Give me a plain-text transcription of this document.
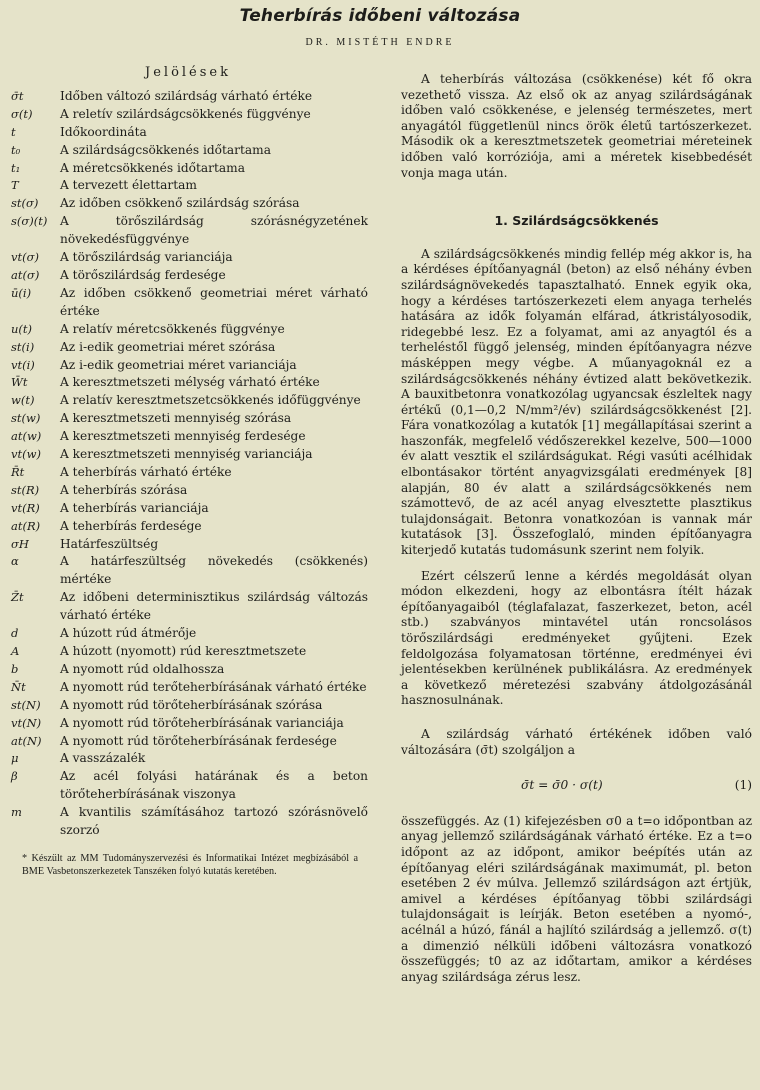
Teherbírás időbeni változása
DR. MISTÉTH ENDRE
Jelölések
σ̄t	Időben változó szilárdság várható értéke
σ(t)	A reletív szilárdságcsökkenés függvénye
t	Időkoordináta
t₀	A szilárdságcsökkenés időtartama
t₁	A méretcsökkenés időtartama
T	A tervezett élettartam
st(σ)	Az időben csökkenő szilárdság szórása
s(σ)(t)	A törőszilárdság szórásnégyzetének növekedésfüggvénye
vt(σ)	A törőszilárdság varianciája
at(σ)	A törőszilárdság ferdesége
ū(i)	Az időben csökkenő geometriai méret várható értéke
u(t)	A relatív méretcsökkenés függvénye
st(i)	Az i-edik geometriai méret szórása
vt(i)	Az i-edik geometriai méret varianciája
W̄t	A keresztmetszeti mélység várható értéke
w(t)	A relatív keresztmetszetcsökkenés időfüggvénye
st(w)	A keresztmetszeti mennyiség szórása
at(w)	A keresztmetszeti mennyiség ferdesége
vt(w)	A keresztmetszeti mennyiség varianciája
R̄t	A teherbírás várható értéke
st(R)	A teherbírás szórása
vt(R)	A teherbírás varianciája
at(R)	A teherbírás ferdesége
σH	Határfeszültség
α	A határfeszültség növekedés (csökkenés) mértéke
Z̄t	Az időbeni determinisztikus szilárdság változás várható értéke
d	A húzott rúd átmérője
A	A húzott (nyomott) rúd keresztmetszete
b	A nyomott rúd oldalhossza
N̄t	A nyomott rúd terőteherbírásának várható értéke
st(N)	A nyomott rúd törőteherbírásának szórása
vt(N)	A nyomott rúd törőteherbírásának varianciája
at(N)	A nyomott rúd törőteherbírásának ferdesége
μ	A vasszázalék
β	Az acél folyási határának és a beton törőteherbírásának viszonya
m	A kvantilis számításához tartozó szórásnövelő szorzó
* Készült az MM Tudományszervezési és Informatikai Intézet megbízásából a BME Vasbetonszerkezetek Tanszéken folyó kutatás keretében.

A teherbírás változása (csökkenése) két fő okra vezethető vissza. Az első ok az anyag szilárdságának időben való csökkenése, e jelenség természetes, mert anyagától függetlenül nincs örök életű tartószerkezet. Második ok a keresztmetszetek geometriai méreteinek időben való korróziója, ami a méretek kisebbedését vonja maga után.

1. Szilárdságcsökkenés

A szilárdságcsökkenés mindig fellép még akkor is, ha a kérdéses építőanyagnál (beton) az első néhány évben szilárdságnövekedés tapasztalható. Ennek egyik oka, hogy a kérdéses tartószerkezeti elem anyaga terhelés hatására az idők folyamán elfárad, átkristályosodik, ridegebbé lesz. Ez a folyamat, ami az anyagtól és a terheléstől függő jelenség, minden építőanyagra nézve másképpen megy végbe. A műanyagoknál ez a szilárdságcsökkenés néhány évtized alatt bekövetkezik. A bauxitbetonra vonatkozólag ugyancsak észleltek nagy értékű (0,1—0,2 N/mm²/év) szilárdságcsökkenést [2]. Fára vonatkozólag a kutatók [1] megállapításai szerint a haszonfák, megfelelő védőszerekkel kezelve, 500—1000 év alatt vesztik el szilárdságukat. Régi vasúti acélhidak elbontásakor történt anyagvizsgálati eredmények [8] alapján, 80 év alatt a szilárdságcsökkenés nem számottevő, de az acél anyag elvesztette plasztikus tulajdonságait. Betonra vonatkozóan is vannak már kutatások [3]. Összefoglaló, minden építőanyagra kiterjedő kutatás tudomásunk szerint nem folyik.

Ezért célszerű lenne a kérdés megoldását olyan módon elkezdeni, hogy az elbontásra ítélt házak építőanyagaiból (téglafalazat, faszerkezet, beton, acél stb.) szabványos mintavétel után roncsolásos törőszilárdsági eredményeket gyűjteni. Ezek feldolgozása folyamatosan történne, eredményei évi jelentésekben kerülnének publikálásra. Az eredmények a következő méretezési szabvány átdolgozásánál hasznosulnának.

A szilárdság várható értékének időben való változására (σ̄t) szolgáljon a

σ̄t = σ̄0 · σ(t)	(1)

összefüggés. Az (1) kifejezésben σ0 a t=o időpontban az anyag jellemző szilárdságának várható értéke. Ez a t=o időpont az az időpont, amikor beépítés után az építőanyag eléri szilárdságának maximumát, pl. beton esetében 2 év múlva. Jellemző szilárdságon azt értjük, amivel a kérdéses építőanyag többi szilárdsági tulajdonságait is leírják. Beton esetében a nyomó-, acélnál a húzó, fánál a hajlító szilárdság a jellemző. σ(t) a dimenzió nélküli időbeni változásra vonatkozó összefüggés; t0 az az időtartam, amikor a kérdéses anyag szilárdsága zérus lesz.
